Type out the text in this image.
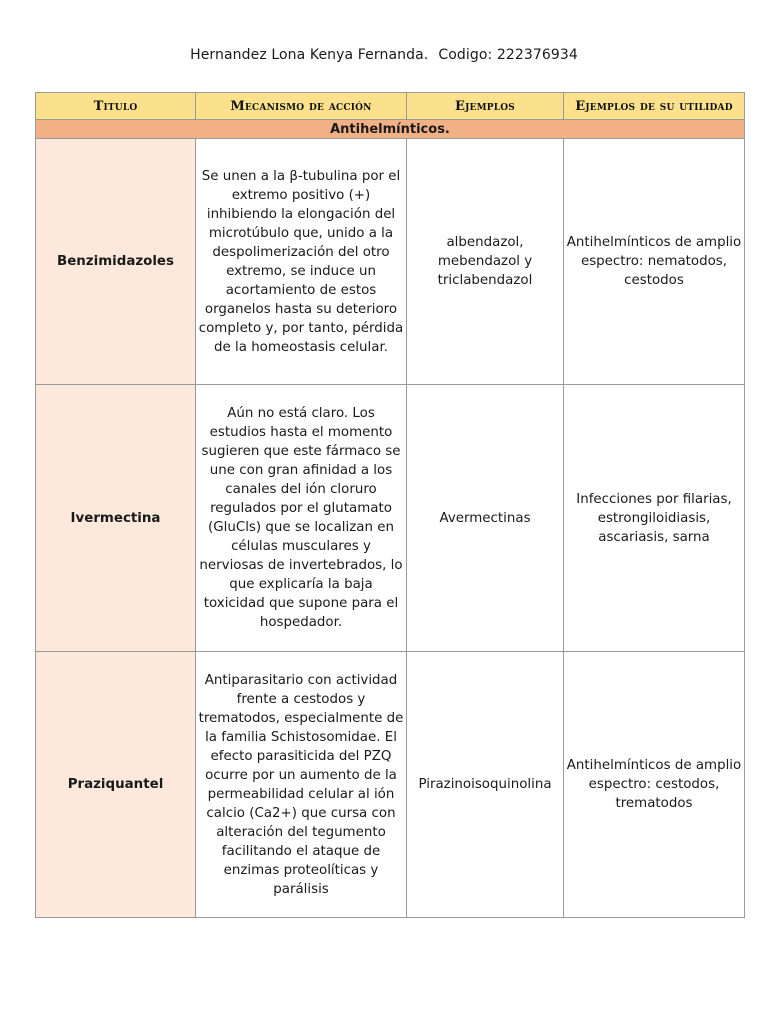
Hernandez Lona Kenya Fernanda. Codigo: 222376934
Titulo	Mecanismo de acción	Ejemplos	Ejemplos de su utilidad
Antihelmínticos.			
Benzimidazoles	Se unen a la β-tubulina por el extremo positivo (+) inhibiendo la elongación del microtúbulo que, unido a la despolimerización del otro extremo, se induce un acortamiento de estos organelos hasta su deterioro completo y, por tanto, pérdida de la homeostasis celular.	albendazol, mebendazol y triclabendazol	Antihelmínticos de amplio espectro: nematodos, cestodos
Ivermectina	Aún no está claro. Los estudios hasta el momento sugieren que este fármaco se une con gran afinidad a los canales del ión cloruro regulados por el glutamato (GluCls) que se localizan en células musculares y nerviosas de invertebrados, lo que explicaría la baja toxicidad que supone para el hospedador.	Avermectinas	Infecciones por filarias, estrongiloidiasis, ascariasis, sarna
Praziquantel	Antiparasitario con actividad frente a cestodos y trematodos, especialmente de la familia Schistosomidae. El efecto parasiticida del PZQ ocurre por un aumento de la permeabilidad celular al ión calcio (Ca2+) que cursa con alteración del tegumento facilitando el ataque de enzimas proteolíticas y parálisis	Pirazinoisoquinolina	Antihelmínticos de amplio espectro: cestodos, trematodos
